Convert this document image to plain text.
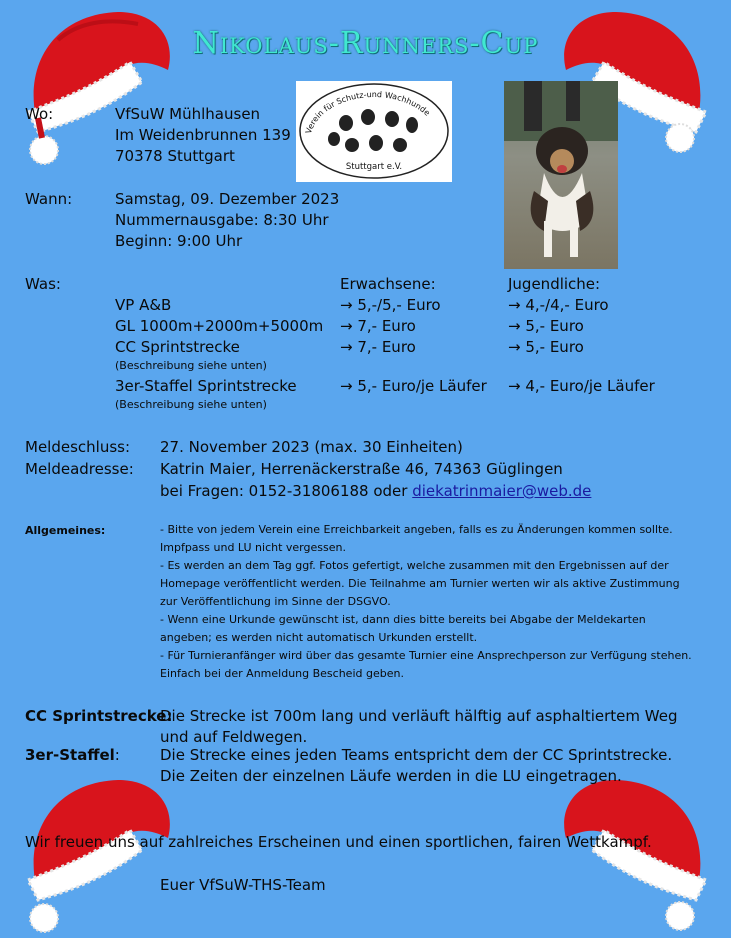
Nikolaus-Runners-Cup
Verein für Schutz-und Wachhunde
Stuttgart e.V.
Wo:	VfSuW Mühlhausen
Im Weidenbrunnen 139
70378 Stuttgart
Wann:	Samstag, 09. Dezember 2023
Nummernausgabe: 8:30 Uhr
Beginn: 9:00 Uhr
Was:	Erwachsene:	Jugendliche:
VP A&B	→ 5,-/5,- Euro	→ 4,-/4,- Euro
GL 1000m+2000m+5000m → 7,- Euro	→ 5,- Euro
CC Sprintstrecke	→ 7,- Euro	→ 5,- Euro
(Beschreibung siehe unten)
3er-Staffel Sprintstrecke	→ 5,- Euro/je Läufer → 4,- Euro/je Läufer
(Beschreibung siehe unten)
Meldeschluss: 27. November 2023 (max. 30 Einheiten)
Meldeadresse: Katrin Maier, Herrenäckerstraße 46, 74363 Güglingen
bei Fragen: 0152-31806188 oder diekatrinmaier@web.de
Allgemeines:	- Bitte von jedem Verein eine Erreichbarkeit angeben, falls es zu Änderungen kommen sollte. Impfpass und LU nicht vergessen.
- Es werden an dem Tag ggf. Fotos gefertigt, welche zusammen mit den Ergebnissen auf der Homepage veröffentlicht werden. Die Teilnahme am Turnier werten wir als aktive Zustimmung zur Veröffentlichung im Sinne der DSGVO.
- Wenn eine Urkunde gewünscht ist, dann dies bitte bereits bei Abgabe der Meldekarten angeben; es werden nicht automatisch Urkunden erstellt.
- Für Turnieranfänger wird über das gesamte Turnier eine Ansprechperson zur Verfügung stehen. Einfach bei der Anmeldung Bescheid geben.
CC Sprintstrecke:
Die Strecke ist 700m lang und verläuft hälftig auf asphaltiertem Weg und auf Feldwegen.
3er-Staffel:	Die Strecke eines jeden Teams entspricht dem der CC Sprintstrecke. Die Zeiten der einzelnen Läufe werden in die LU eingetragen.
Wir freuen uns auf zahlreiches Erscheinen und einen sportlichen, fairen Wettkampf.
Euer VfSuW-THS-Team
